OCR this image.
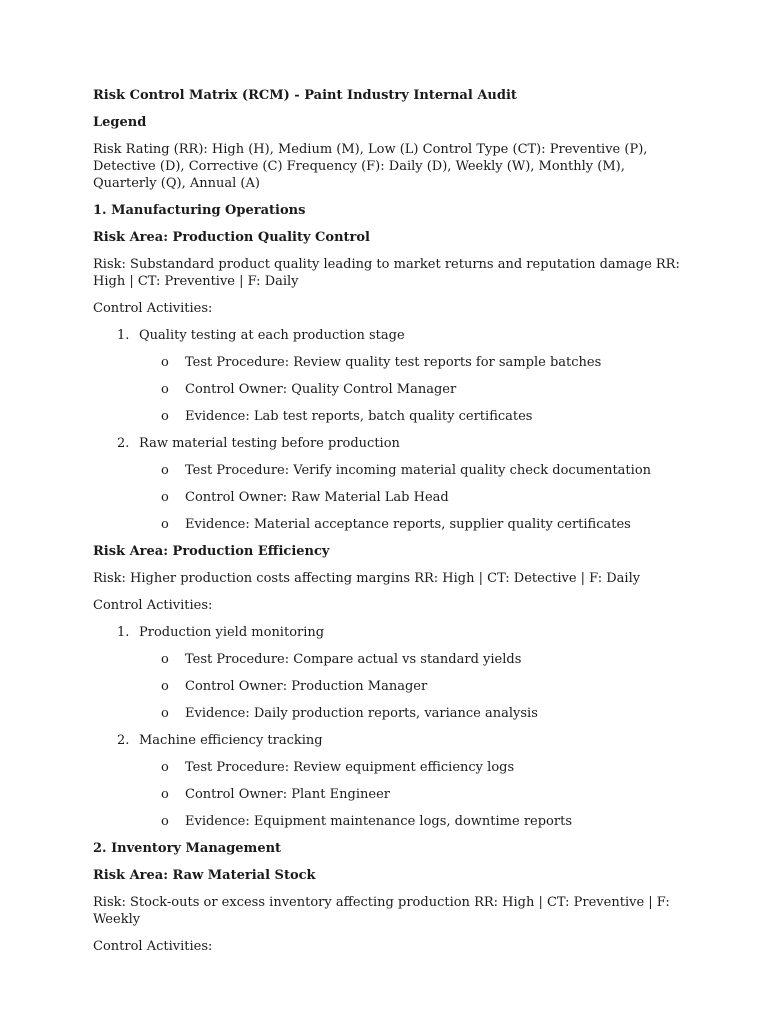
Risk Control Matrix (RCM) - Paint Industry Internal Audit

Legend

Risk Rating (RR): High (H), Medium (M), Low (L) Control Type (CT): Preventive (P), Detective (D), Corrective (C) Frequency (F): Daily (D), Weekly (W), Monthly (M), Quarterly (Q), Annual (A)

1. Manufacturing Operations

Risk Area: Production Quality Control

Risk: Substandard product quality leading to market returns and reputation damage RR: High | CT: Preventive | F: Daily

Control Activities:

1. Quality testing at each production stage
o Test Procedure: Review quality test reports for sample batches
o Control Owner: Quality Control Manager
o Evidence: Lab test reports, batch quality certificates
2. Raw material testing before production
o Test Procedure: Verify incoming material quality check documentation
o Control Owner: Raw Material Lab Head
o Evidence: Material acceptance reports, supplier quality certificates

Risk Area: Production Efficiency

Risk: Higher production costs affecting margins RR: High | CT: Detective | F: Daily

Control Activities:

1. Production yield monitoring
o Test Procedure: Compare actual vs standard yields
o Control Owner: Production Manager
o Evidence: Daily production reports, variance analysis
2. Machine efficiency tracking
o Test Procedure: Review equipment efficiency logs
o Control Owner: Plant Engineer
o Evidence: Equipment maintenance logs, downtime reports

2. Inventory Management

Risk Area: Raw Material Stock

Risk: Stock-outs or excess inventory affecting production RR: High | CT: Preventive | F: Weekly

Control Activities:
